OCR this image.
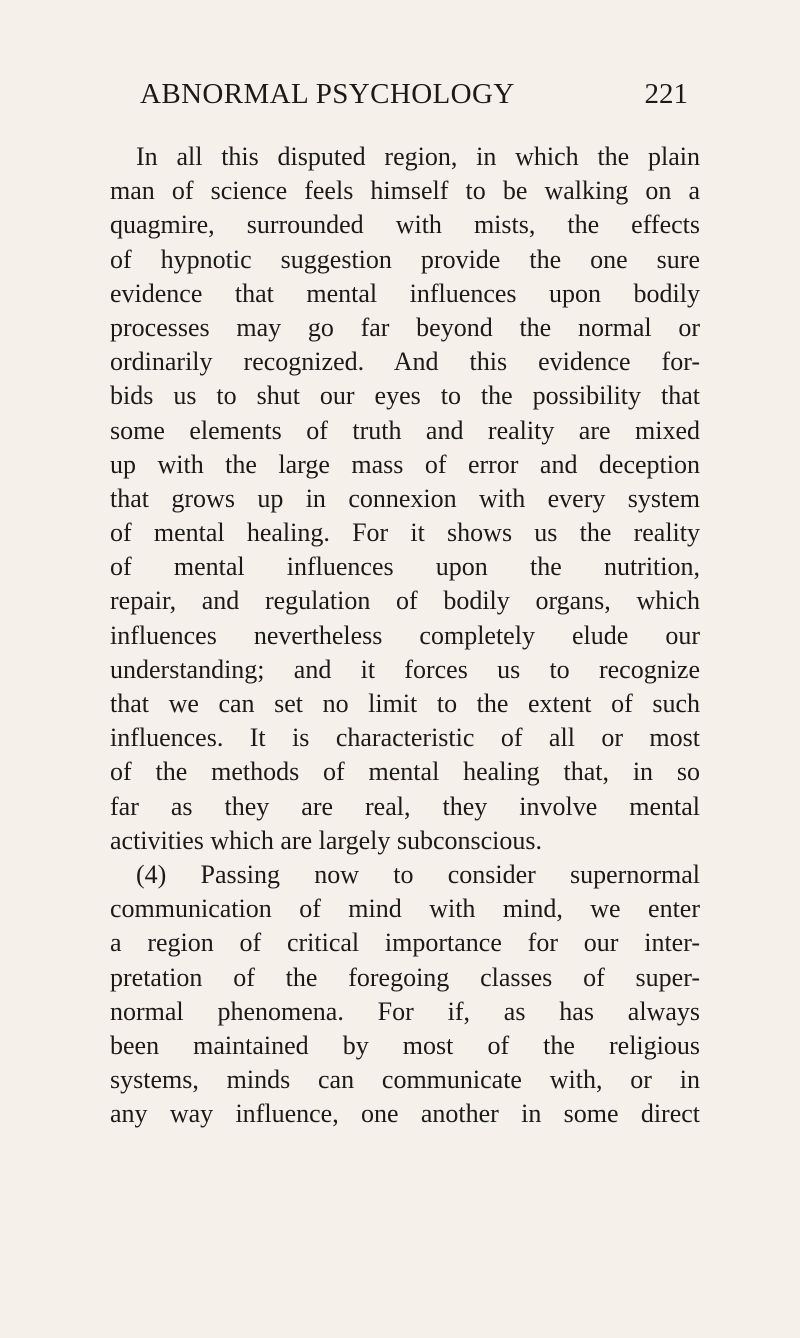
ABNORMAL PSYCHOLOGY	221
In all this disputed region, in which the plain
man of science feels himself to be walking on a
quagmire, surrounded with mists, the effects
of hypnotic suggestion provide the one sure
evidence that mental influences upon bodily
processes may go far beyond the normal or
ordinarily recognized. And this evidence for-
bids us to shut our eyes to the possibility that
some elements of truth and reality are mixed
up with the large mass of error and deception
that grows up in connexion with every system
of mental healing. For it shows us the reality
of mental influences upon the nutrition,
repair, and regulation of bodily organs, which
influences nevertheless completely elude our
understanding; and it forces us to recognize
that we can set no limit to the extent of such
influences. It is characteristic of all or most
of the methods of mental healing that, in so
far as they are real, they involve mental
activities which are largely subconscious.
(4) Passing now to consider supernormal
communication of mind with mind, we enter
a region of critical importance for our inter-
pretation of the foregoing classes of super-
normal phenomena. For if, as has always
been maintained by most of the religious
systems, minds can communicate with, or in
any way influence, one another in some direct
